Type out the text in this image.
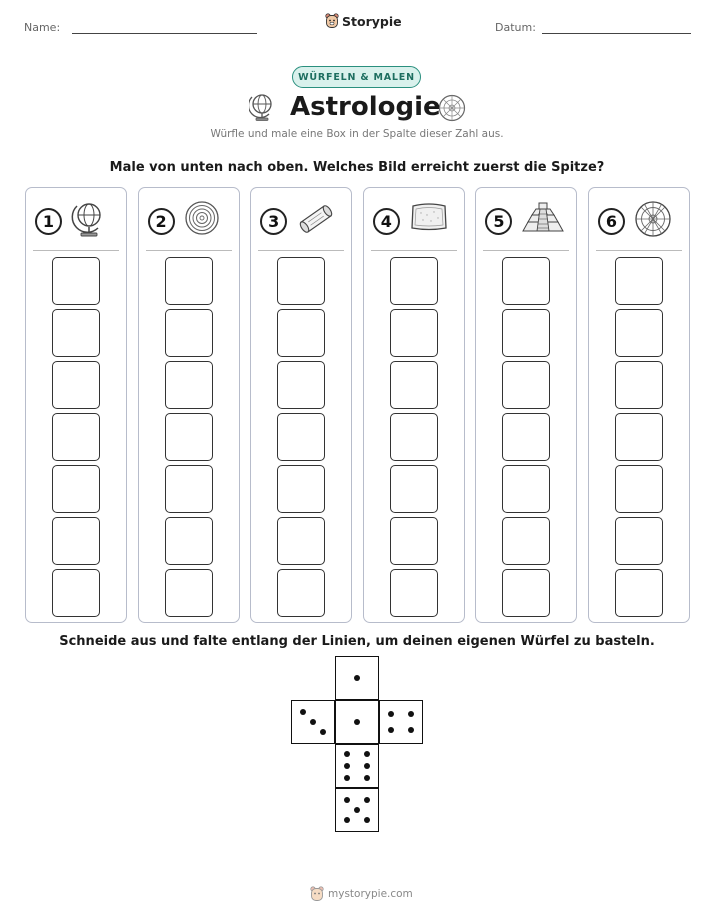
Name:	Storypie	Datum:
WÜRFELN & MALEN
Astrologie
Würfle und male eine Box in der Spalte dieser Zahl aus.
Male von unten nach oben. Welches Bild erreicht zuerst die Spitze?
1	2	3	4	5	6
Schneide aus und falte entlang der Linien, um deinen eigenen Würfel zu basteln.
mystorypie.com
